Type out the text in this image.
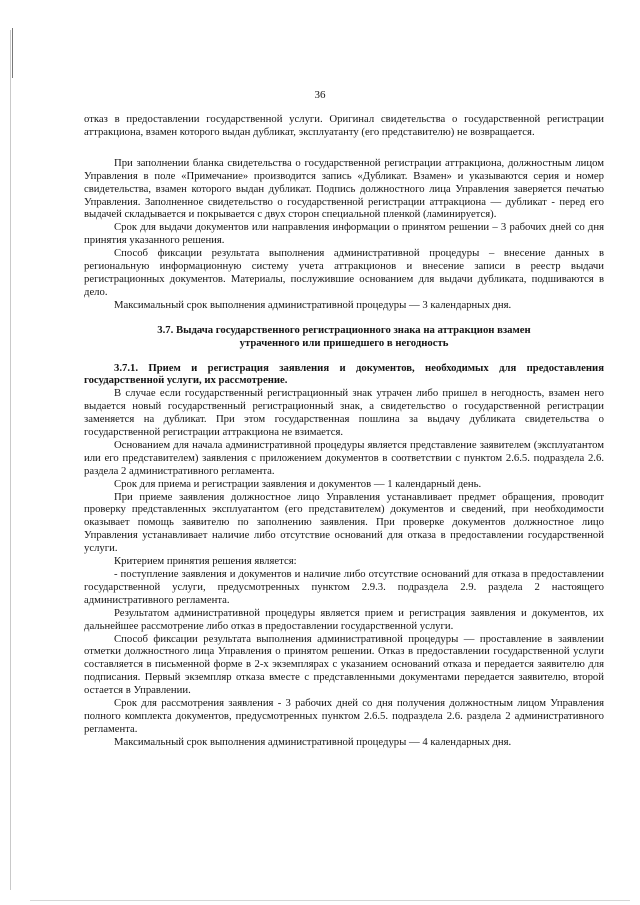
36

отказ в предоставлении государственной услуги. Оригинал свидетельства о государственной регистрации аттракциона, взамен которого выдан дубликат, эксплуатанту (его представителю) не возвращается.

При заполнении бланка свидетельства о государственной регистрации аттракциона, должностным лицом Управления в поле «Примечание» производится запись «Дубликат. Взамен» и указываются серия и номер свидетельства, взамен которого выдан дубликат. Подпись должностного лица Управления заверяется печатью Управления. Заполненное свидетельство о государственной регистрации аттракциона — дубликат - перед его выдачей складывается и покрывается с двух сторон специальной пленкой (ламинируется).

Срок для выдачи документов или направления информации о принятом решении – 3 рабочих дней со дня принятия указанного решения.

Способ фиксации результата выполнения административной процедуры – внесение данных в региональную информационную систему учета аттракционов и внесение записи в реестр выдачи регистрационных документов. Материалы, послужившие основанием для выдачи дубликата, подшиваются в дело.

Максимальный срок выполнения административной процедуры — 3 календарных дня.

3.7. Выдача государственного регистрационного знака на аттракцион взамен утраченного или пришедшего в негодность

3.7.1. Прием и регистрация заявления и документов, необходимых для предоставления государственной услуги, их рассмотрение.

В случае если государственный регистрационный знак утрачен либо пришел в негодность, взамен него выдается новый государственный регистрационный знак, а свидетельство о государственной регистрации заменяется на дубликат. При этом государственная пошлина за выдачу дубликата свидетельства о государственной регистрации аттракциона не взимается.

Основанием для начала административной процедуры является представление заявителем (эксплуатантом или его представителем) заявления с приложением документов в соответствии с пунктом 2.6.5. подраздела 2.6. раздела 2 административного регламента.

Срок для приема и регистрации заявления и документов — 1 календарный день.

При приеме заявления должностное лицо Управления устанавливает предмет обращения, проводит проверку представленных эксплуатантом (его представителем) документов и сведений, при необходимости оказывает помощь заявителю по заполнению заявления. При проверке документов должностное лицо Управления устанавливает наличие либо отсутствие оснований для отказа в предоставлении государственной услуги.

Критерием принятия решения является:

- поступление заявления и документов и наличие либо отсутствие оснований для отказа в предоставлении государственной услуги, предусмотренных пунктом 2.9.3. подраздела 2.9. раздела 2 настоящего административного регламента.

Результатом административной процедуры является прием и регистрация заявления и документов, их дальнейшее рассмотрение либо отказ в предоставлении государственной услуги.

Способ фиксации результата выполнения административной процедуры — проставление в заявлении отметки должностного лица Управления о принятом решении. Отказ в предоставлении государственной услуги составляется в письменной форме в 2-х экземплярах с указанием оснований отказа и передается заявителю для подписания. Первый экземпляр отказа вместе с представленными документами передается заявителю, второй остается в Управлении.

Срок для рассмотрения заявления - 3 рабочих дней со дня получения должностным лицом Управления полного комплекта документов, предусмотренных пунктом 2.6.5. подраздела 2.6. раздела 2 административного регламента.

Максимальный срок выполнения административной процедуры — 4 календарных дня.
